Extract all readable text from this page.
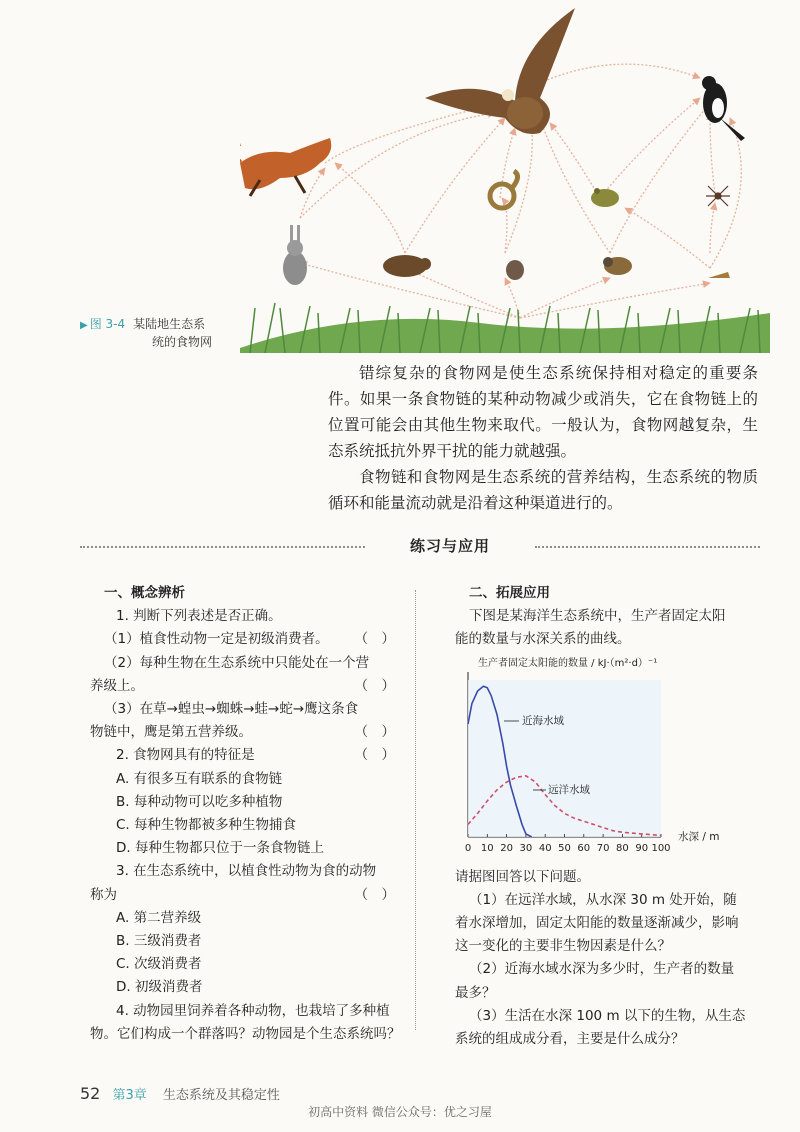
▶ 图 3-4 某陆地生态系
统的食物网

错综复杂的食物网是使生态系统保持相对稳定的重要条件。如果一条食物链的某种动物减少或消失，它在食物链上的位置可能会由其他生物来取代。一般认为，食物网越复杂，生态系统抵抗外界干扰的能力就越强。

食物链和食物网是生态系统的营养结构，生态系统的物质循环和能量流动就是沿着这种渠道进行的。

练习与应用
一、概念辨析
1. 判断下列表述是否正确。
（1）植食性动物一定是初级消费者。 （　）
（2）每种生物在生态系统中只能处在一个营
养级上。	（　）
（3）在草→蝗虫→蜘蛛→蛙→蛇→鹰这条食
物链中，鹰是第五营养级。	（　）
2. 食物网具有的特征是	（　）
A. 有很多互有联系的食物链
B. 每种动物可以吃多种植物
C. 每种生物都被多种生物捕食
D. 每种生物都只位于一条食物链上
3. 在生态系统中，以植食性动物为食的动物
称为	（　）
A. 第二营养级
B. 三级消费者
C. 次级消费者
D. 初级消费者
4. 动物园里饲养着各种动物，也栽培了多种植
物。它们构成一个群落吗？动物园是个生态系统吗？
二、拓展应用
下图是某海洋生态系统中，生产者固定太阳
能的数量与水深关系的曲线。
请据图回答以下问题。
（1）在远洋水域，从水深 30 m 处开始，随
着水深增加，固定太阳能的数量逐渐减少，影响
这一变化的主要非生物因素是什么？
（2）近海水域水深为多少时，生产者的数量
最多？
（3）生活在水深 100 m 以下的生物，从生态
系统的组成成分看，主要是什么成分？
生产者固定太阳能的数量 / kJ·（m²·d）⁻¹
0 10 20 30 40 50 60 70 80 90 100
水深 / m
近海水域
远洋水域
52 第3章 生态系统及其稳定性
初高中资料 微信公众号：优之习屋
